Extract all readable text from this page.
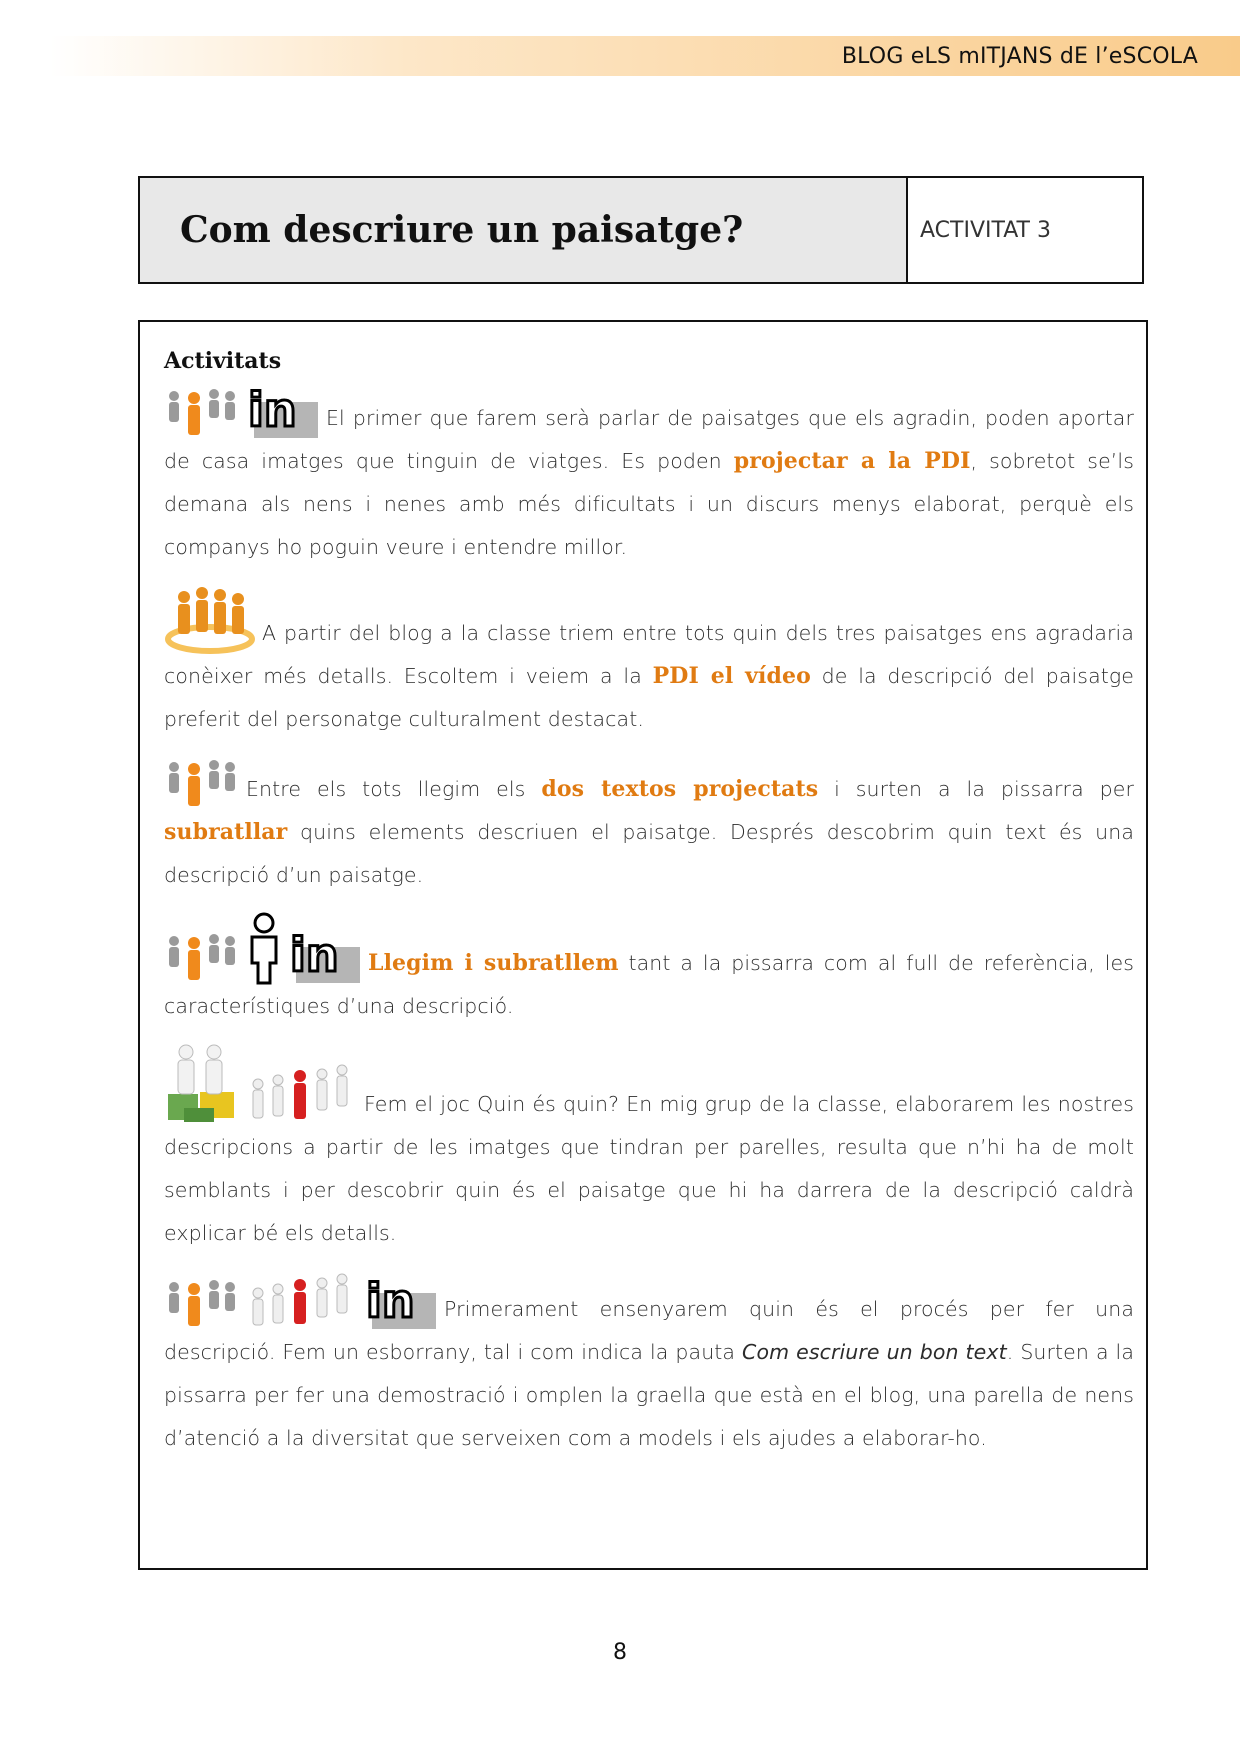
BLOG eLS mITJANS dE l’eSCOLA
Com descriure un paisatge?	ACTIVITAT 3
Activitats

in El primer que farem serà parlar de paisatges que els agradin, poden aportar de casa imatges que tinguin de viatges. Es poden projectar a la PDI, sobretot se’ls demana als nens i nenes amb més dificultats i un discurs menys elaborat, perquè els companys ho poguin veure i entendre millor.

A partir del blog a la classe triem entre tots quin dels tres paisatges ens agradaria conèixer més detalls. Escoltem i veiem a la PDI el vídeo de la descripció del paisatge preferit del personatge culturalment destacat.

Entre els tots llegim els dos textos projectats i surten a la pissarra per subratllar quins elements descriuen el paisatge. Després descobrim quin text és una descripció d’un paisatge.

in Llegim i subratllem tant a la pissarra com al full de referència, les característiques d’una descripció.

Fem el joc Quin és quin? En mig grup de la classe, elaborarem les nostres descripcions a partir de les imatges que tindran per parelles, resulta que n’hi ha de molt semblants i per descobrir quin és el paisatge que hi ha darrera de la descripció caldrà explicar bé els detalls.

in Primerament ensenyarem quin és el procés per fer una descripció. Fem un esborrany, tal i com indica la pauta Com escriure un bon text. Surten a la pissarra per fer una demostració i omplen la graella que està en el blog, una parella de nens d’atenció a la diversitat que serveixen com a models i els ajudes a elaborar-ho.

8
